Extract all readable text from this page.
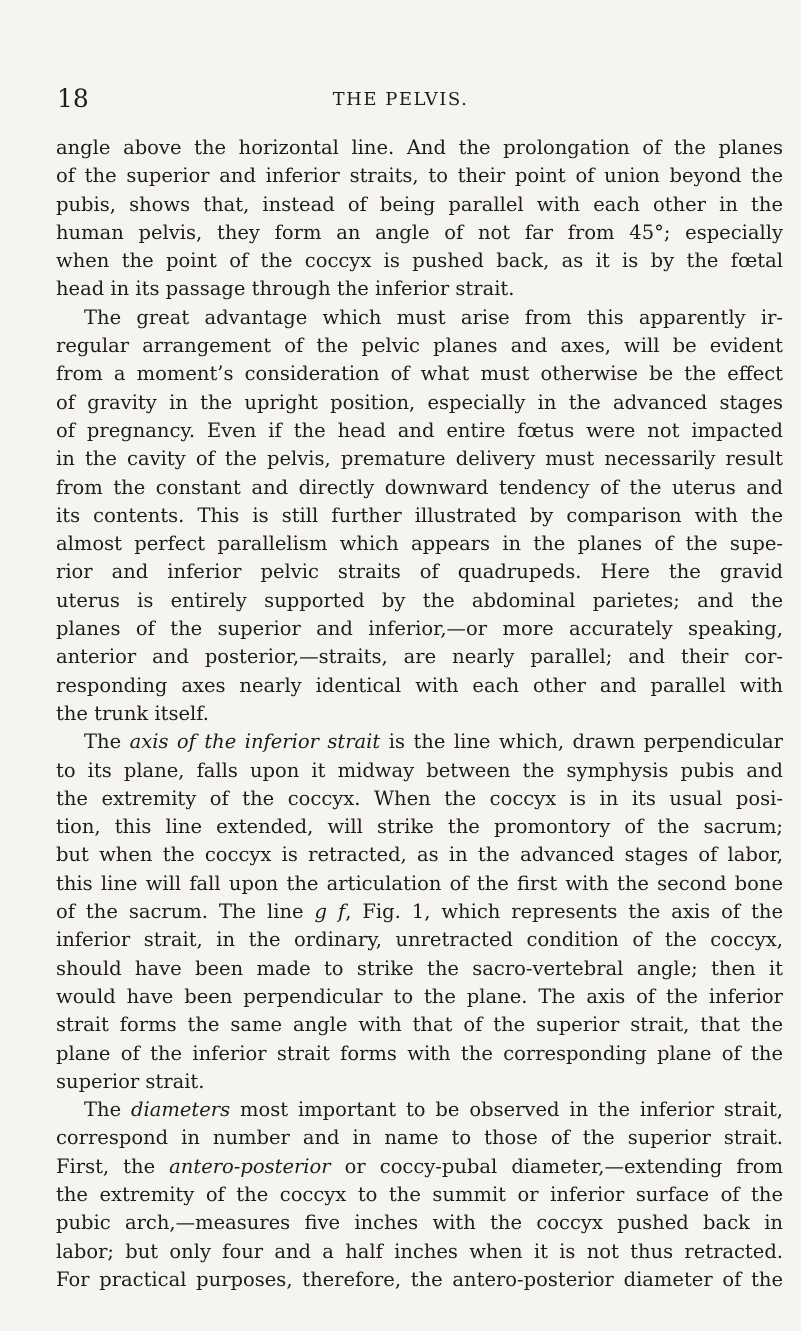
18	THE PELVIS.
angle above the horizontal line. And the prolongation of the planes
of the superior and inferior straits, to their point of union beyond the
pubis, shows that, instead of being parallel with each other in the
human pelvis, they form an angle of not far from 45°; especially
when the point of the coccyx is pushed back, as it is by the fœtal
head in its passage through the inferior strait.
The great advantage which must arise from this apparently ir-
regular arrangement of the pelvic planes and axes, will be evident
from a moment’s consideration of what must otherwise be the effect
of gravity in the upright position, especially in the advanced stages
of pregnancy. Even if the head and entire fœtus were not impacted
in the cavity of the pelvis, premature delivery must necessarily result
from the constant and directly downward tendency of the uterus and
its contents. This is still further illustrated by comparison with the
almost perfect parallelism which appears in the planes of the supe-
rior and inferior pelvic straits of quadrupeds. Here the gravid
uterus is entirely supported by the abdominal parietes; and the
planes of the superior and inferior,—or more accurately speaking,
anterior and posterior,—straits, are nearly parallel; and their cor-
responding axes nearly identical with each other and parallel with
the trunk itself.
The axis of the inferior strait is the line which, drawn perpendicular
to its plane, falls upon it midway between the symphysis pubis and
the extremity of the coccyx. When the coccyx is in its usual posi-
tion, this line extended, will strike the promontory of the sacrum;
but when the coccyx is retracted, as in the advanced stages of labor,
this line will fall upon the articulation of the first with the second bone
of the sacrum. The line g f, Fig. 1, which represents the axis of the
inferior strait, in the ordinary, unretracted condition of the coccyx,
should have been made to strike the sacro-vertebral angle; then it
would have been perpendicular to the plane. The axis of the inferior
strait forms the same angle with that of the superior strait, that the
plane of the inferior strait forms with the corresponding plane of the
superior strait.
The diameters most important to be observed in the inferior strait,
correspond in number and in name to those of the superior strait.
First, the antero-posterior or coccy-pubal diameter,—extending from
the extremity of the coccyx to the summit or inferior surface of the
pubic arch,—measures five inches with the coccyx pushed back in
labor; but only four and a half inches when it is not thus retracted.
For practical purposes, therefore, the antero-posterior diameter of the
